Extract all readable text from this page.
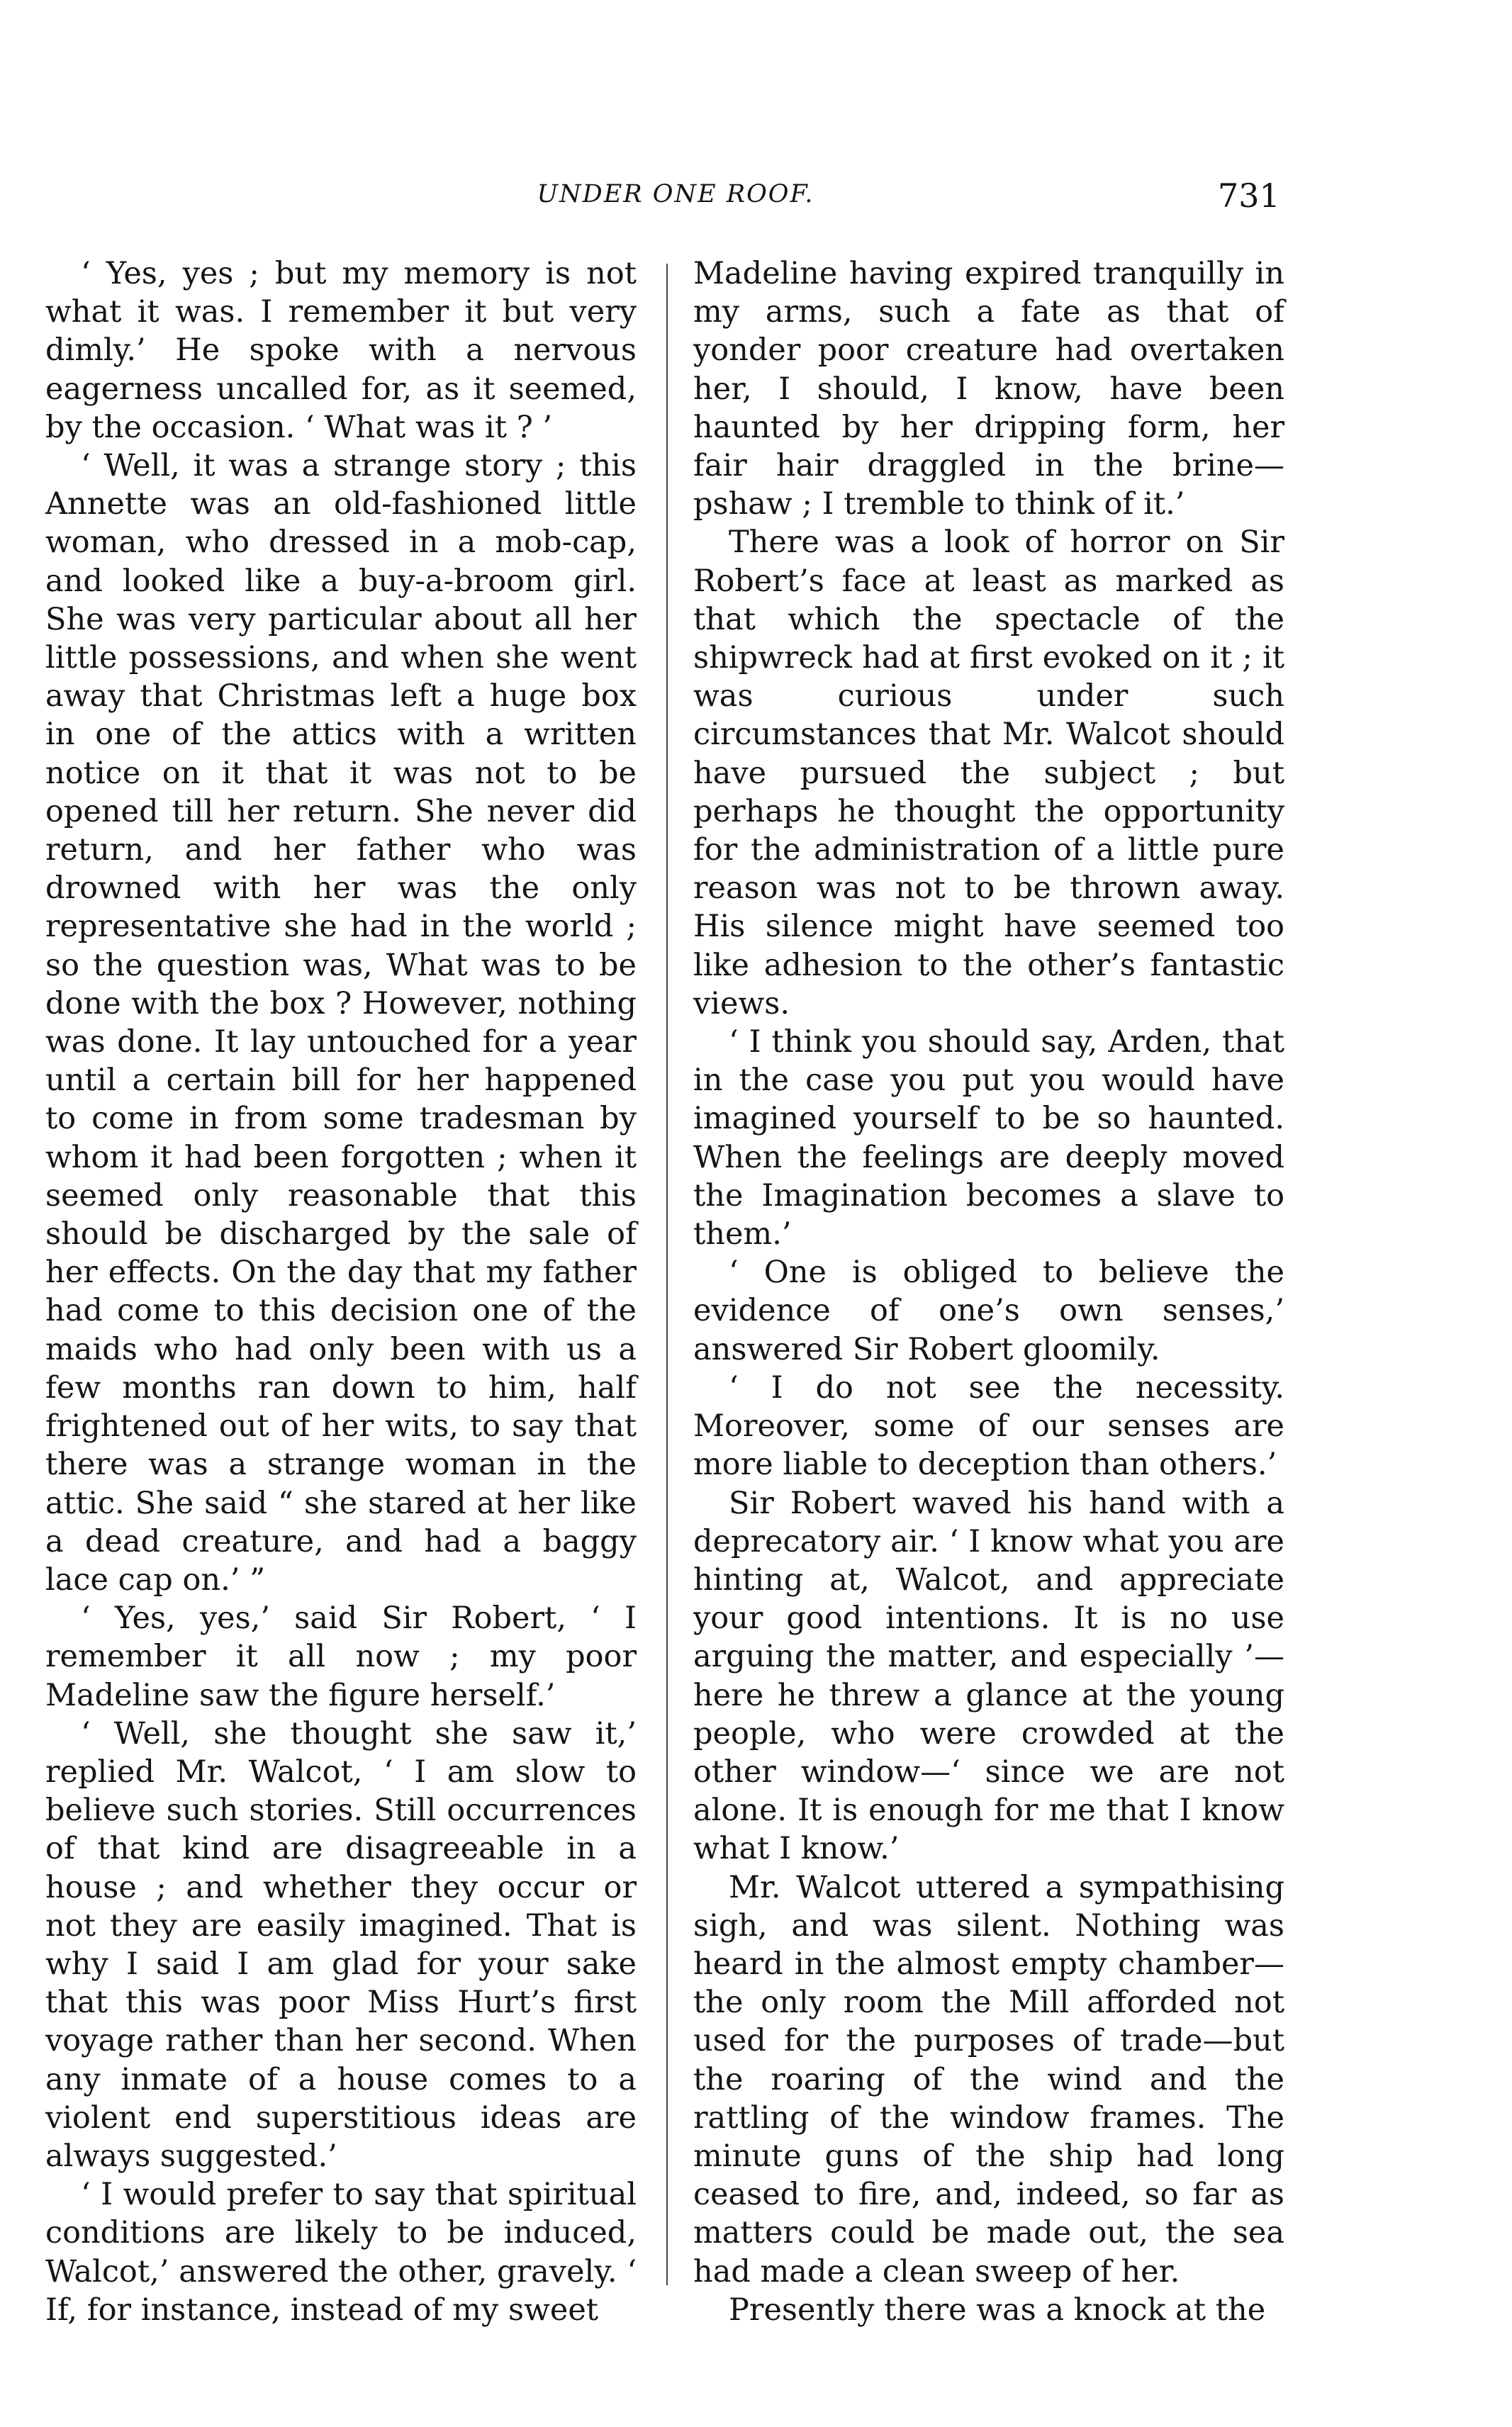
UNDER ONE ROOF.	731

‘ Yes, yes ; but my memory is not what it was. I remember it but very dimly.’ He spoke with a nervous eagerness uncalled for, as it seemed, by the occasion. ‘ What was it ? ’

‘ Well, it was a strange story ; this Annette was an old-fashioned little woman, who dressed in a mob-cap, and looked like a buy-a-broom girl. She was very particular about all her little possessions, and when she went away that Christmas left a huge box in one of the attics with a written notice on it that it was not to be opened till her return. She never did return, and her father who was drowned with her was the only representative she had in the world ; so the question was, What was to be done with the box ? However, nothing was done. It lay untouched for a year until a certain bill for her happened to come in from some tradesman by whom it had been forgotten ; when it seemed only reasonable that this should be discharged by the sale of her effects. On the day that my father had come to this decision one of the maids who had only been with us a few months ran down to him, half frightened out of her wits, to say that there was a strange woman in the attic. She said “ she stared at her like a dead creature, and had a baggy lace cap on.’ ”

‘ Yes, yes,’ said Sir Robert, ‘ I remember it all now ; my poor Madeline saw the figure herself.’

‘ Well, she thought she saw it,’ replied Mr. Walcot, ‘ I am slow to believe such stories. Still occurrences of that kind are disagreeable in a house ; and whether they occur or not they are easily imagined. That is why I said I am glad for your sake that this was poor Miss Hurt’s first voyage rather than her second. When any inmate of a house comes to a violent end superstitious ideas are always suggested.’

‘ I would prefer to say that spiritual conditions are likely to be induced, Walcot,’ answered the other, gravely. ‘ If, for instance, instead of my sweet

Madeline having expired tranquilly in my arms, such a fate as that of yonder poor creature had overtaken her, I should, I know, have been haunted by her dripping form, her fair hair draggled in the brine—pshaw ; I tremble to think of it.’

There was a look of horror on Sir Robert’s face at least as marked as that which the spectacle of the shipwreck had at first evoked on it ; it was curious under such circumstances that Mr. Walcot should have pursued the subject ; but perhaps he thought the opportunity for the administration of a little pure reason was not to be thrown away. His silence might have seemed too like adhesion to the other’s fantastic views.

‘ I think you should say, Arden, that in the case you put you would have imagined yourself to be so haunted. When the feelings are deeply moved the Imagination becomes a slave to them.’

‘ One is obliged to believe the evidence of one’s own senses,’ answered Sir Robert gloomily.

‘ I do not see the necessity. Moreover, some of our senses are more liable to deception than others.’

Sir Robert waved his hand with a deprecatory air. ‘ I know what you are hinting at, Walcot, and appreciate your good intentions. It is no use arguing the matter, and especially ’— here he threw a glance at the young people, who were crowded at the other window—‘ since we are not alone. It is enough for me that I know what I know.’

Mr. Walcot uttered a sympathising sigh, and was silent. Nothing was heard in the almost empty chamber— the only room the Mill afforded not used for the purposes of trade—but the roaring of the wind and the rattling of the window frames. The minute guns of the ship had long ceased to fire, and, indeed, so far as matters could be made out, the sea had made a clean sweep of her.

Presently there was a knock at the
